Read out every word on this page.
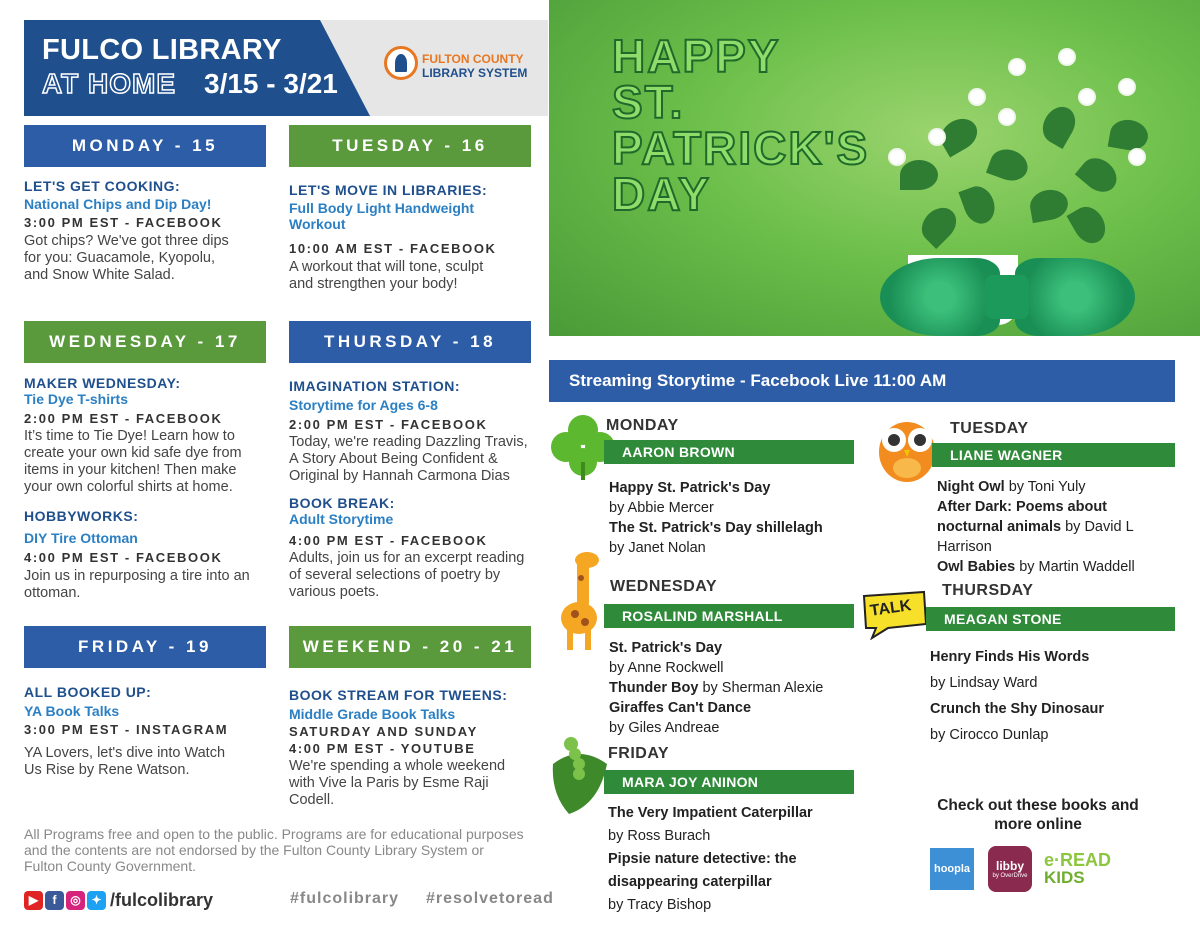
FULCO LIBRARY
AT HOME 3/15 - 3/21
FULTON COUNTY
LIBRARY SYSTEM
MONDAY - 15
LET'S GET COOKING:
National Chips and Dip Day!
3:00 PM EST - FACEBOOK
Got chips? We've got three dips for you: Guacamole, Kyopolu, and Snow White Salad.
TUESDAY - 16
LET'S MOVE IN LIBRARIES:
Full Body Light Handweight Workout
10:00 AM EST - FACEBOOK
A workout that will tone, sculpt and strengthen your body!
WEDNESDAY - 17
MAKER WEDNESDAY:
Tie Dye T-shirts
2:00 PM EST - FACEBOOK
It’s time to Tie Dye! Learn how to create your own kid safe dye from items in your kitchen! Then make your own colorful shirts at home.
HOBBYWORKS:
DIY Tire Ottoman
4:00 PM EST - FACEBOOK
Join us in repurposing a tire into an ottoman.
THURSDAY - 18
IMAGINATION STATION:
Storytime for Ages 6-8
2:00 PM EST - FACEBOOK
Today, we're reading Dazzling Travis, A Story About Being Confident & Original by Hannah Carmona Dias
BOOK BREAK:
Adult Storytime
4:00 PM EST - FACEBOOK
Adults, join us for an excerpt reading of several selections of poetry by various poets.
FRIDAY - 19
ALL BOOKED UP:
YA Book Talks
3:00 PM EST - INSTAGRAM
YA Lovers, let's dive into Watch Us Rise by Rene Watson.
WEEKEND - 20 - 21
BOOK STREAM FOR TWEENS:
Middle Grade Book Talks
SATURDAY AND SUNDAY
4:00 PM EST - YOUTUBE
We're spending a whole weekend with Vive la Paris by Esme Raji Codell.
HAPPY
ST.
PATRICK'S
DAY
Streaming Storytime - Facebook Live 11:00 AM
MONDAY
AARON BROWN
Happy St. Patrick's Day
by Abbie Mercer
The St. Patrick's Day shillelagh
by Janet Nolan
TUESDAY
LIANE WAGNER
Night Owl by Toni Yuly
After Dark: Poems about nocturnal animals by David L Harrison
Owl Babies by Martin Waddell
WEDNESDAY
ROSALIND MARSHALL
St. Patrick's Day
by Anne Rockwell
Thunder Boy by Sherman Alexie
Giraffes Can't Dance
by Giles Andreae
TALK
THURSDAY
MEAGAN STONE
Henry Finds His Words
by Lindsay Ward
Crunch the Shy Dinosaur
by Cirocco Dunlap
FRIDAY
MARA JOY ANINON
The Very Impatient Caterpillar
by Ross Burach
Pipsie nature detective: the disappearing caterpillar
by Tracy Bishop
Check out these books and more online
hoopla	libby
by OverDrive
e·READ
KIDS
All Programs free and open to the public. Programs are for educational purposes and the contents are not endorsed by the Fulton County Library System or Fulton County Government.
▶	f	◎ ✦ /fulcolibrary	#fulcolibrary #resolvetoread
